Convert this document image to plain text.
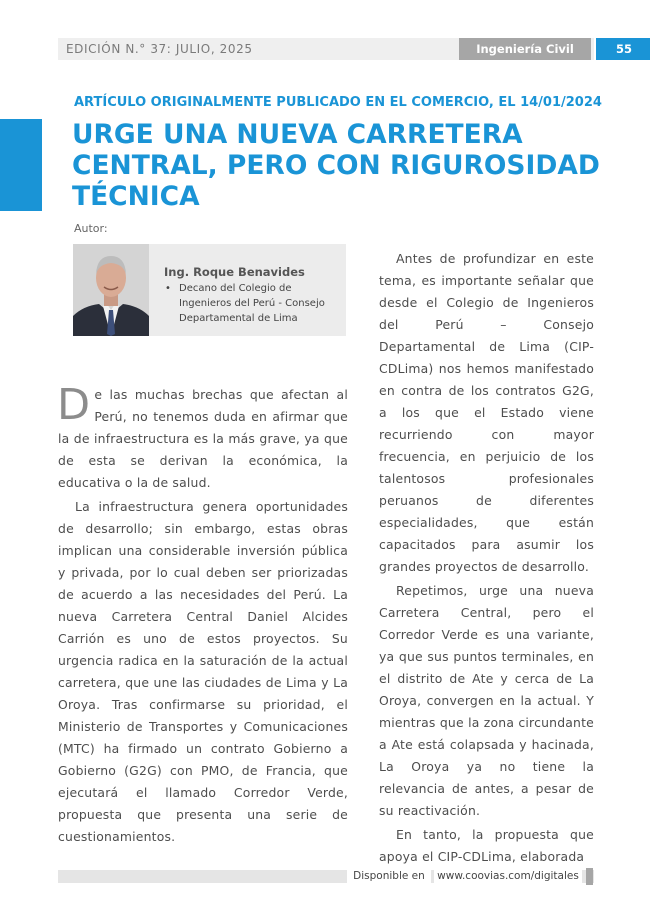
EDICIÓN N.° 37: JULIO, 2025	Ingeniería Civil	55
ARTÍCULO ORIGINALMENTE PUBLICADO EN EL COMERCIO, EL 14/01/2024
URGE UNA NUEVA CARRETERA CENTRAL, PERO CON RIGUROSIDAD TÉCNICA
Autor:
Ing. Roque Benavides
• Decano del Colegio de Ingenieros del Perú - Consejo Departamental de Lima

De las muchas brechas que afectan al Perú, no tenemos duda en afirmar que la de infraestructura es la más grave, ya que de esta se derivan la económica, la educativa o la de salud.

La infraestructura genera oportunidades de desarrollo; sin embargo, estas obras implican una considerable inversión pública y privada, por lo cual deben ser priorizadas de acuerdo a las necesidades del Perú. La nueva Carretera Central Daniel Alcides Carrión es uno de estos proyectos. Su urgencia radica en la saturación de la actual carretera, que une las ciudades de Lima y La Oroya. Tras confirmarse su prioridad, el Ministerio de Transportes y Comunicaciones (MTC) ha firmado un contrato Gobierno a Gobierno (G2G) con PMO, de Francia, que ejecutará el llamado Corredor Verde, propuesta que presenta una serie de cuestionamientos.

Antes de profundizar en este tema, es importante señalar que desde el Colegio de Ingenieros del Perú – Consejo Departamental de Lima (CIP-CDLima) nos hemos manifestado en contra de los contratos G2G, a los que el Estado viene recurriendo con mayor frecuencia, en perjuicio de los talentosos profesionales peruanos de diferentes especialidades, que están capacitados para asumir los grandes proyectos de desarrollo.

Repetimos, urge una nueva Carretera Central, pero el Corredor Verde es una variante, ya que sus puntos terminales, en el distrito de Ate y cerca de La Oroya, convergen en la actual. Y mientras que la zona circundante a Ate está colapsada y hacinada, La Oroya ya no tiene la relevancia de antes, a pesar de su reactivación.

En tanto, la propuesta que apoya el CIP-CDLima, elaborada

Disponible en	www.coovias.com/digitales
